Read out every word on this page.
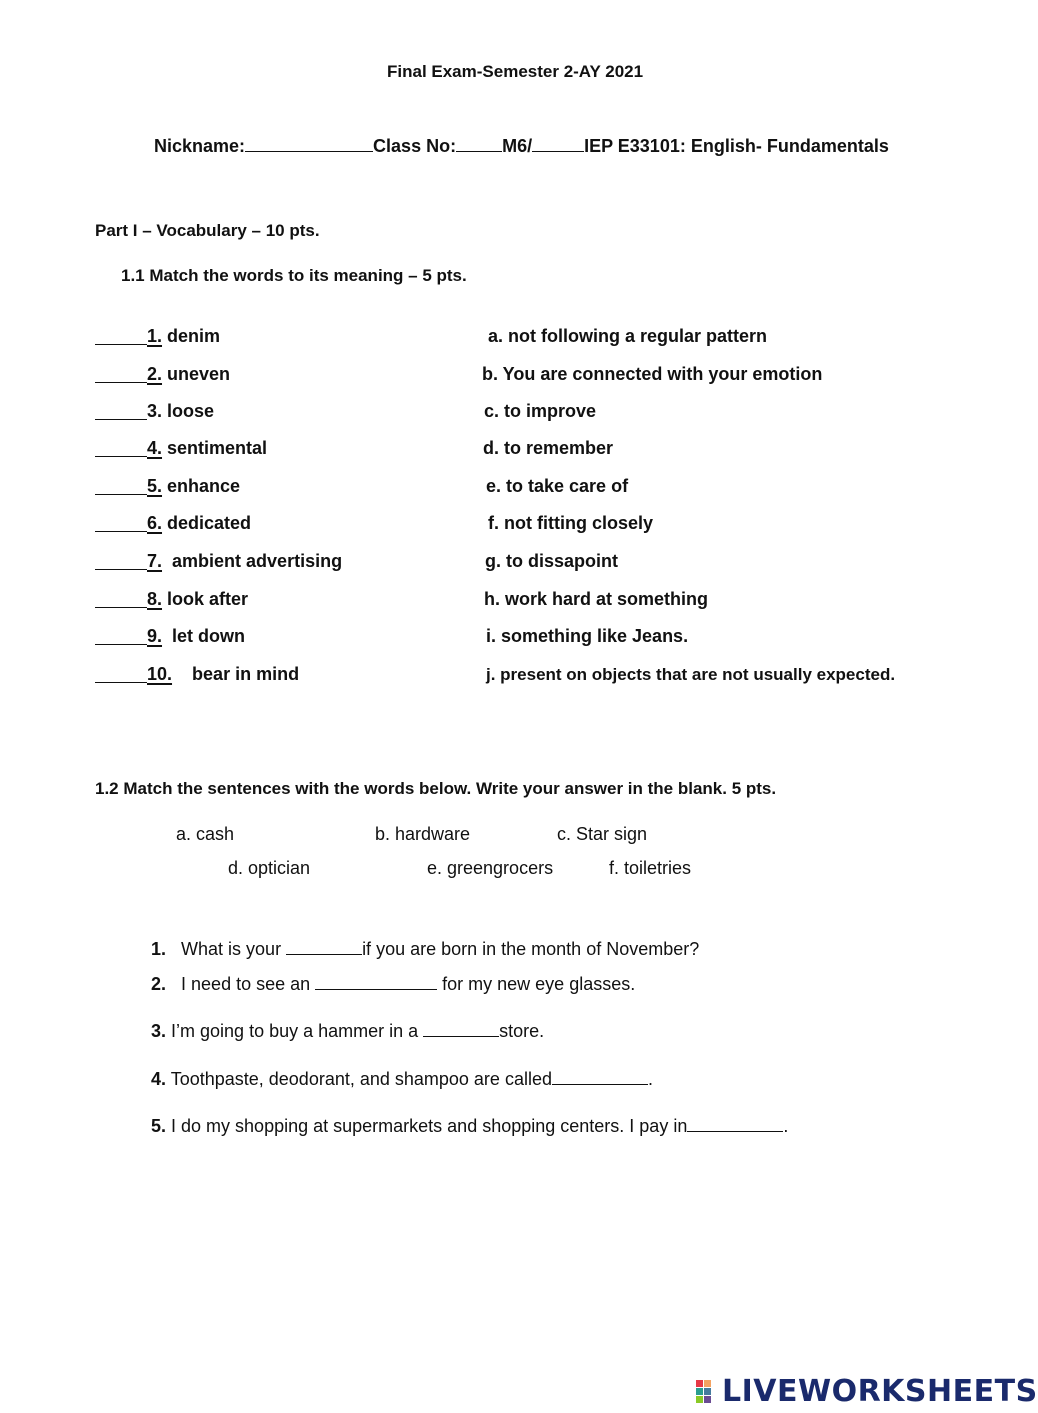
Final Exam-Semester 2-AY 2021
Nickname:	Class No:	M6/	IEP E33101: English- Fundamentals
Part I – Vocabulary – 10 pts.
1.1 Match the words to its meaning – 5 pts.
1. denim	a. not following a regular pattern
2. uneven	b. You are connected with your emotion
3. loose	c. to improve
4. sentimental	d. to remember
5. enhance	e. to take care of
6. dedicated	f. not fitting closely
7. ambient advertising	g. to dissapoint
8. look after	h. work hard at something
9. let down	i. something like Jeans.
10. bear in mind	j. present on objects that are not usually expected.
1.2 Match the sentences with the words below. Write your answer in the blank. 5 pts.
a. cash	b. hardware	c. Star sign
d. optician	e. greengrocers	f. toiletries
1. What is your	if you are born in the month of November?
2. I need to see an	for my new eye glasses.
3. I’m going to buy a hammer in a	store.
4. Toothpaste, deodorant, and shampoo are called	.
5. I do my shopping at supermarkets and shopping centers. I pay in	.
LIVEWORKSHEETS
